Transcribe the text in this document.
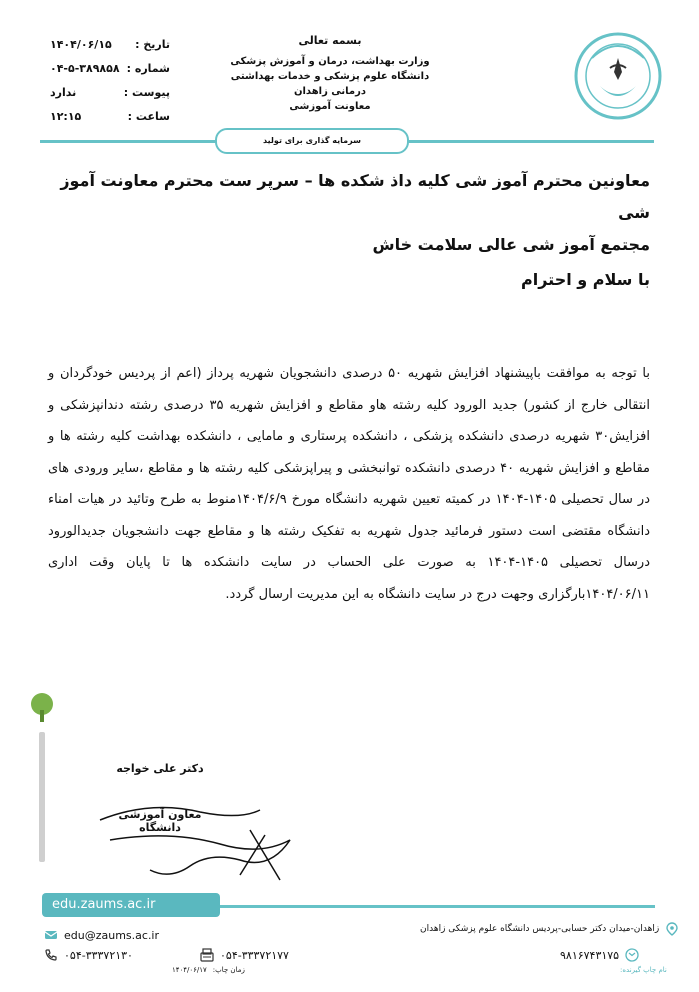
تاریخ :
۱۴۰۴/۰۶/۱۵
شماره :
۰۴-۵-۳۸۹۸۵۸
پیوست :
ندارد
ساعت :
۱۲:۱۵
بسمه تعالی
وزارت بهداشت، درمان و آموزش پزشکی
دانشگاه علوم پزشکی و خدمات بهداشتی درمانی زاهدان
معاونت آموزشی
سرمایه گذاری برای تولید
معاونین محترم آموز شی کلیه داذ شکده ها – سرپر ست محترم معاونت آموز شی
مجتمع آموز شی عالی سلامت خاش
با سلام و احترام
با توجه به موافقت باپیشنهاد افزایش شهریه ۵۰ درصدی دانشجویان شهریه پرداز (اعم از پردیس خودگردان و انتقالی خارج از کشور) جدید الورود کلیه رشته هاو مقاطع و افزایش شهریه ۳۵ درصدی رشته دندانپزشکی و افزایش۳۰ شهریه درصدی دانشکده پزشکی ، دانشکده پرستاری و مامایی ، دانشکده بهداشت کلیه رشته ها و مقاطع و افزایش شهریه ۴۰ درصدی دانشکده توانبخشی و پیراپزشکی کلیه رشته ها و مقاطع ،سایر ورودی های در سال تحصیلی ۱۴۰۵-۱۴۰۴ در کمیته تعیین شهریه دانشگاه مورخ ۱۴۰۴/۶/۹منوط به طرح وتائید در هیات امناء دانشگاه مقتضی است دستور فرمائید جدول شهریه به تفکیک رشته ها و مقاطع جهت دانشجویان جدیدالورود درسال تحصیلی ۱۴۰۵-۱۴۰۴ به صورت علی الحساب در سایت دانشکده ها تا پایان وقت اداری ۱۴۰۴/۰۶/۱۱بارگزاری وجهت درج در سایت دانشگاه به این مدیریت ارسال گردد.
دکتر علی خواجه
معاون آموزشی دانشگاه
edu.zaums.ac.ir
زاهدان-میدان دکتر حسابی-پردیس دانشگاه علوم پزشکی زاهدان
edu@zaums.ac.ir
۰۵۴-۳۳۳۷۲۱۳۰	۰۵۴-۳۳۳۷۲۱۷۷	۹۸۱۶۷۴۳۱۷۵
نام چاپ گیرنده:
زمان چاپ:
۱۴۰۴/۰۶/۱۷
